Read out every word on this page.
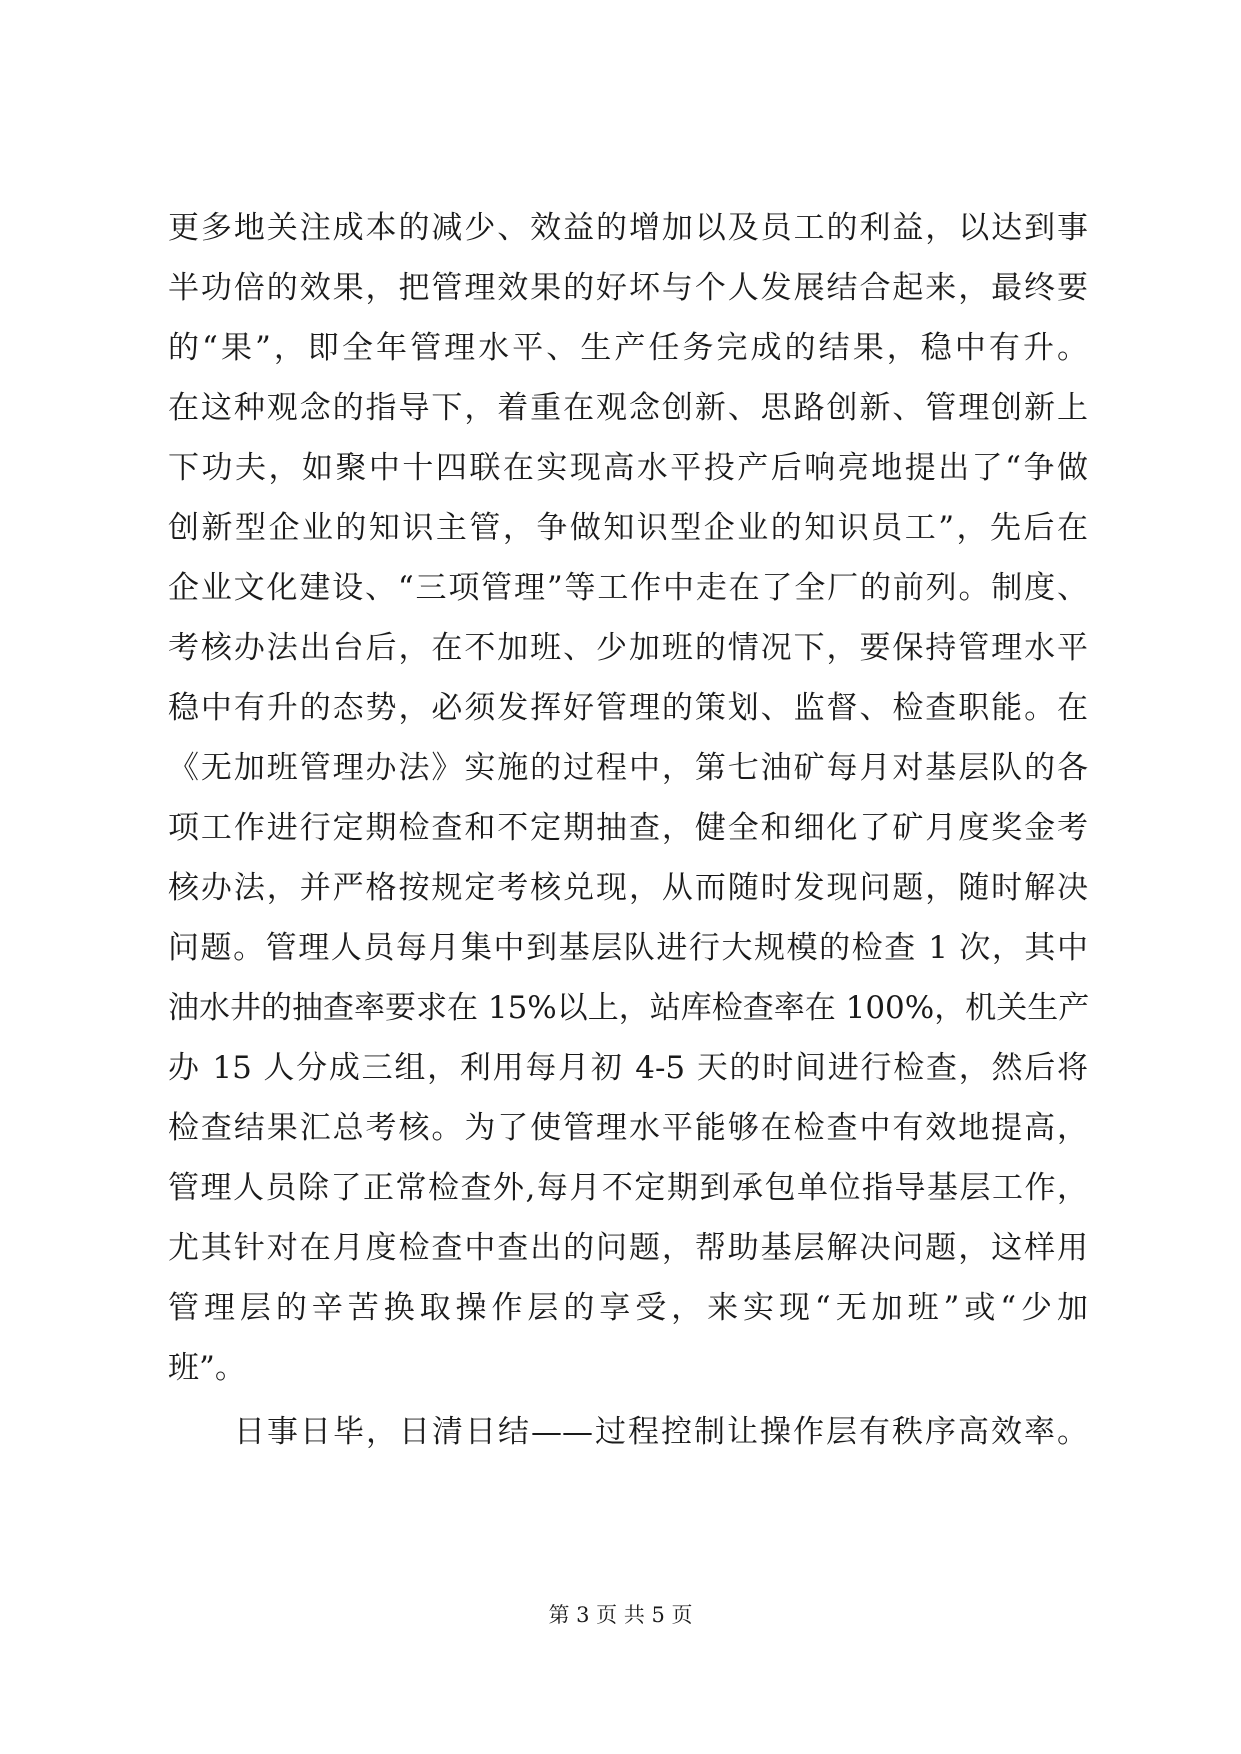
更多地关注成本的减少、效益的增加以及员工的利益，以达到事
半功倍的效果，把管理效果的好坏与个人发展结合起来，最终要
的“果”，即全年管理水平、生产任务完成的结果，稳中有升。
在这种观念的指导下，着重在观念创新、思路创新、管理创新上
下功夫，如聚中十四联在实现高水平投产后响亮地提出了“争做
创新型企业的知识主管，争做知识型企业的知识员工”，先后在
企业文化建设、“三项管理”等工作中走在了全厂的前列。制度、
考核办法出台后，在不加班、少加班的情况下，要保持管理水平
稳中有升的态势，必须发挥好管理的策划、监督、检查职能。在
《无加班管理办法》实施的过程中，第七油矿每月对基层队的各
项工作进行定期检查和不定期抽查，健全和细化了矿月度奖金考
核办法，并严格按规定考核兑现，从而随时发现问题，随时解决
问题。管理人员每月集中到基层队进行大规模的检查 1 次，其中
油水井的抽查率要求在 15%以上，站库检查率在 100%，机关生产
办 15 人分成三组，利用每月初 4-5 天的时间进行检查，然后将
检查结果汇总考核。为了使管理水平能够在检查中有效地提高，
管理人员除了正常检查外,每月不定期到承包单位指导基层工作，
尤其针对在月度检查中查出的问题，帮助基层解决问题，这样用
管理层的辛苦换取操作层的享受，来实现“无加班”或“少加
班”。
日事日毕，日清日结——过程控制让操作层有秩序高效率。
第 3 页 共 5 页
